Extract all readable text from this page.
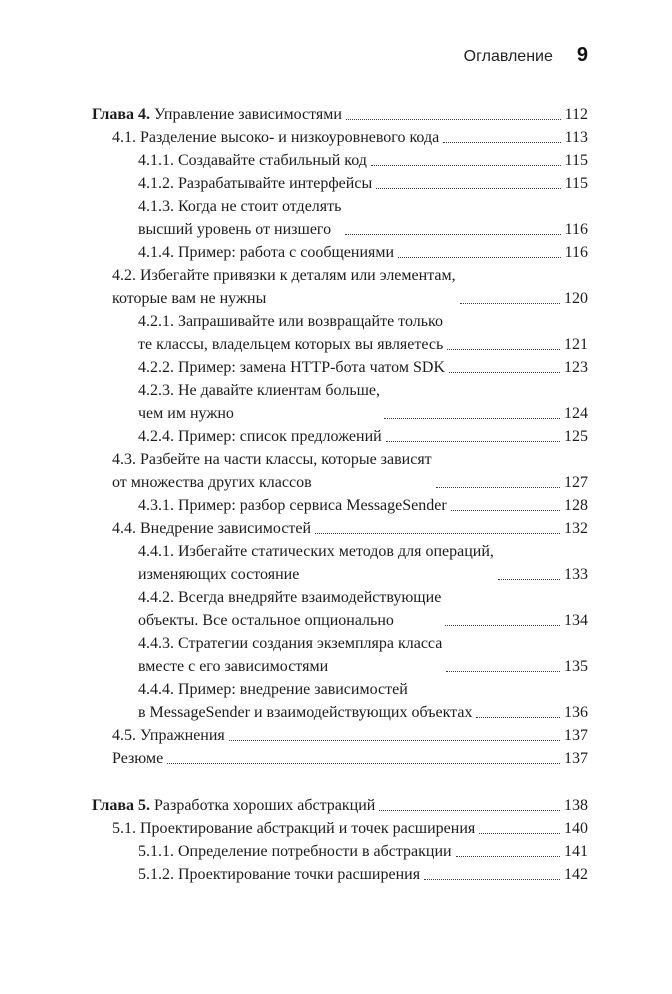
Оглавление 9
Глава 4. Управление зависимостями	112
4.1. Разделение высоко- и низкоуровневого кода	113
4.1.1. Создавайте стабильный код	115
4.1.2. Разрабатывайте интерфейсы	115
4.1.3. Когда не стоит отделять
высший уровень от низшего	116
4.1.4. Пример: работа с сообщениями	116
4.2. Избегайте привязки к деталям или элементам,
которые вам не нужны	120
4.2.1. Запрашивайте или возвращайте только
те классы, владельцем которых вы являетесь	121
4.2.2. Пример: замена HTTP-бота чатом SDK	123
4.2.3. Не давайте клиентам больше,
чем им нужно	124
4.2.4. Пример: список предложений	125
4.3. Разбейте на части классы, которые зависят
от множества других классов	127
4.3.1. Пример: разбор сервиса MessageSender	128
4.4. Внедрение зависимостей	132
4.4.1. Избегайте статических методов для операций,
изменяющих состояние	133
4.4.2. Всегда внедряйте взаимодействующие
объекты. Все остальное опционально	134
4.4.3. Стратегии создания экземпляра класса
вместе с его зависимостями	135
4.4.4. Пример: внедрение зависимостей
в MessageSender и взаимодействующих объектах	136
4.5. Упражнения	137
Резюме	137
Глава 5. Разработка хороших абстракций	138
5.1. Проектирование абстракций и точек расширения	140
5.1.1. Определение потребности в абстракции	141
5.1.2. Проектирование точки расширения	142
